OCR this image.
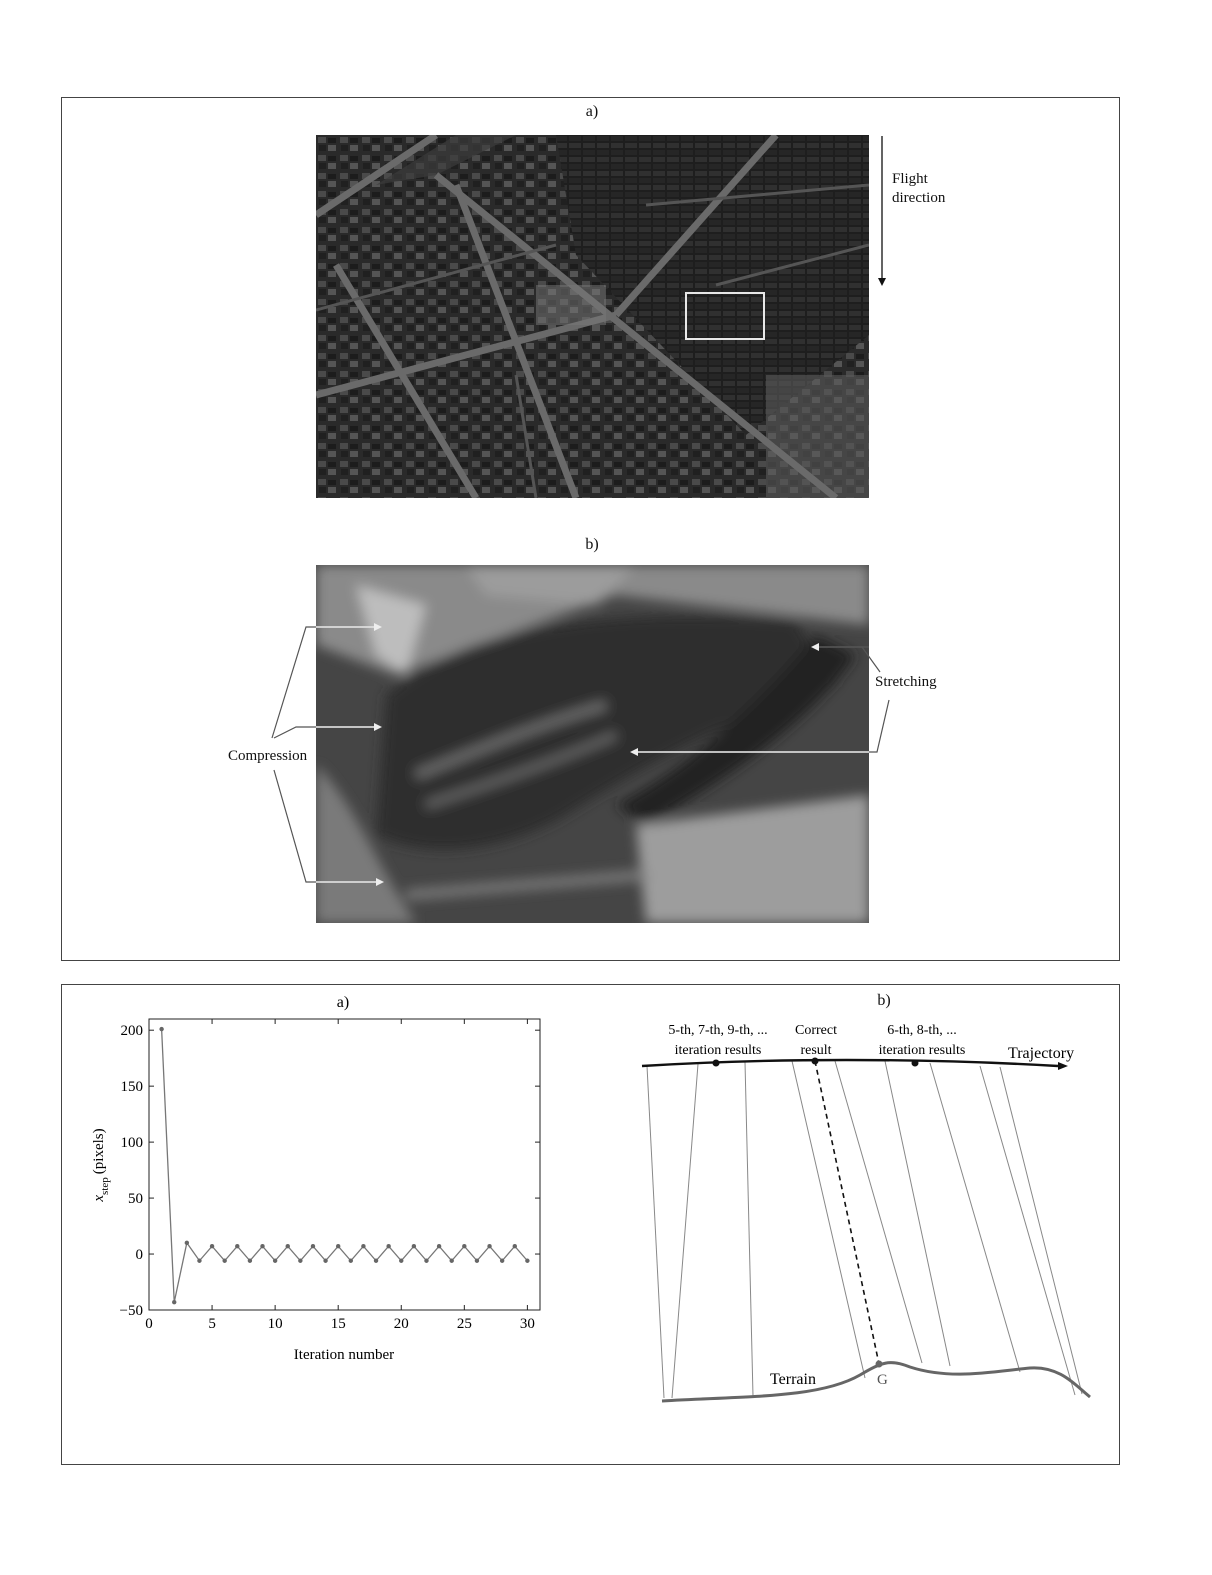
a)
Flight
direction
b)
Compression
Stretching
a)
0	5	10	15	20	25	30
−50
0
50
100
150
200
Iteration number
$x_{step}(pixels)$
b)
5-th, 7-th, 9-th, ...
iteration results
Correct
result
6-th, 8-th, ...
iteration results	Trajectory
Terrain	G
